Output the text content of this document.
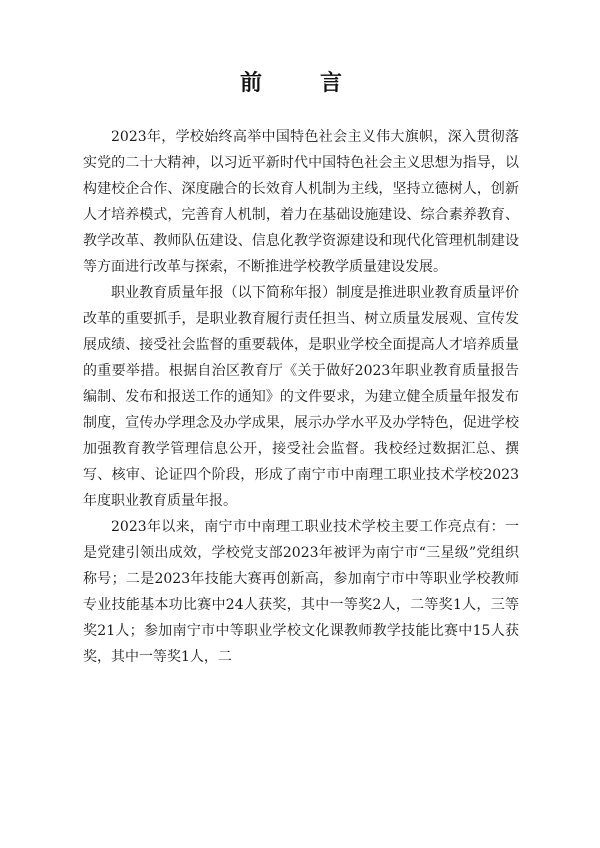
前　言

2023年，学校始终高举中国特色社会主义伟大旗帜，深入贯彻落实党的二十大精神，以习近平新时代中国特色社会主义思想为指导，以构建校企合作、深度融合的长效育人机制为主线，坚持立德树人，创新人才培养模式，完善育人机制，着力在基础设施建设、综合素养教育、教学改革、教师队伍建设、信息化教学资源建设和现代化管理机制建设等方面进行改革与探索，不断推进学校教学质量建设发展。

职业教育质量年报（以下简称年报）制度是推进职业教育质量评价改革的重要抓手，是职业教育履行责任担当、树立质量发展观、宣传发展成绩、接受社会监督的重要载体，是职业学校全面提高人才培养质量的重要举措。根据自治区教育厅《关于做好2023年职业教育质量报告编制、发布和报送工作的通知》的文件要求，为建立健全质量年报发布制度，宣传办学理念及办学成果，展示办学水平及办学特色，促进学校加强教育教学管理信息公开，接受社会监督。我校经过数据汇总、撰写、核审、论证四个阶段，形成了南宁市中南理工职业技术学校2023年度职业教育质量年报。

2023年以来，南宁市中南理工职业技术学校主要工作亮点有：一是党建引领出成效，学校党支部2023年被评为南宁市“三星级”党组织称号；二是2023年技能大赛再创新高，参加南宁市中等职业学校教师专业技能基本功比赛中24人获奖，其中一等奖2人，二等奖1人，三等奖21人；参加南宁市中等职业学校文化课教师教学技能比赛中15人获奖，其中一等奖1人，二
